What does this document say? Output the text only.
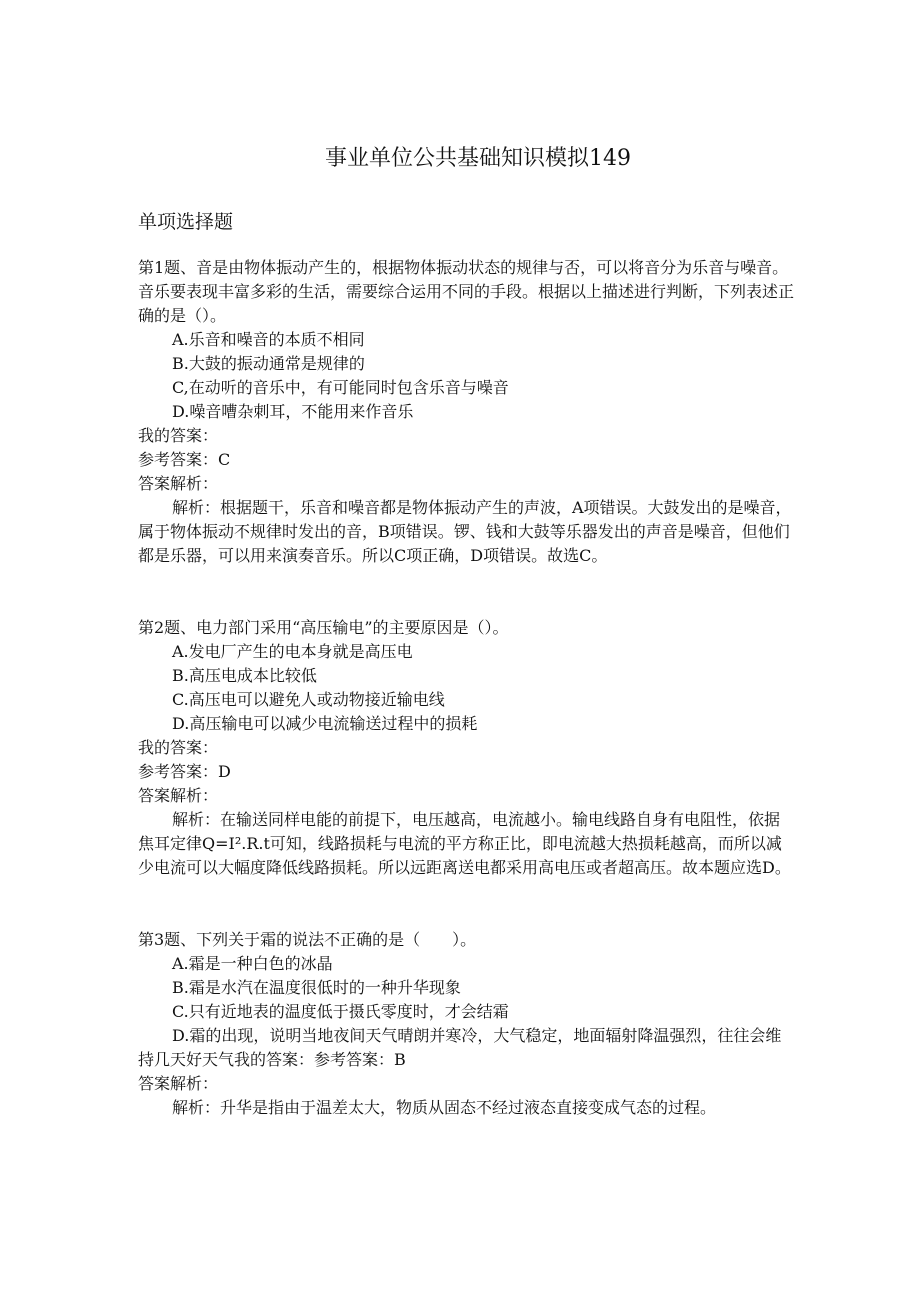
事业单位公共基础知识模拟149
单项选择题

第1题、音是由物体振动产生的，根据物体振动状态的规律与否，可以将音分为乐音与噪音。音乐要表现丰富多彩的生活，需要综合运用不同的手段。根据以上描述进行判断，下列表述正确的是（）。

A.乐音和噪音的本质不相同
B.大鼓的振动通常是规律的
C,在动听的音乐中，有可能同时包含乐音与噪音
D.噪音嘈杂刺耳，不能用来作音乐

我的答案：

参考答案：C

答案解析：

解析：根据题干，乐音和噪音都是物体振动产生的声波，A项错误。大鼓发出的是噪音，属于物体振动不规律时发出的音，B项错误。锣、钱和大鼓等乐器发出的声音是噪音，但他们都是乐器，可以用来演奏音乐。所以C项正确，D项错误。故选C。

第2题、电力部门采用“高压输电”的主要原因是（）。

A.发电厂产生的电本身就是高压电
B.高压电成本比较低
C.高压电可以避免人或动物接近输电线
D.高压输电可以减少电流输送过程中的损耗

我的答案：

参考答案：D

答案解析：

解析：在输送同样电能的前提下，电压越高，电流越小。输电线路自身有电阻性，依据焦耳定律Q=I².R.t可知，线路损耗与电流的平方称正比，即电流越大热损耗越高，而所以减少电流可以大幅度降低线路损耗。所以远距离送电都采用高电压或者超高压。故本题应选D。

第3题、下列关于霜的说法不正确的是（　　）。

A.霜是一种白色的冰晶
B.霜是水汽在温度很低时的一种升华现象
C.只有近地表的温度低于摄氏零度时，才会结霜

D.霜的出现，说明当地夜间天气晴朗并寒冷，大气稳定，地面辐射降温强烈，往往会维持几天好天气我的答案：参考答案：B

答案解析：

解析：升华是指由于温差太大，物质从固态不经过液态直接变成气态的过程。
